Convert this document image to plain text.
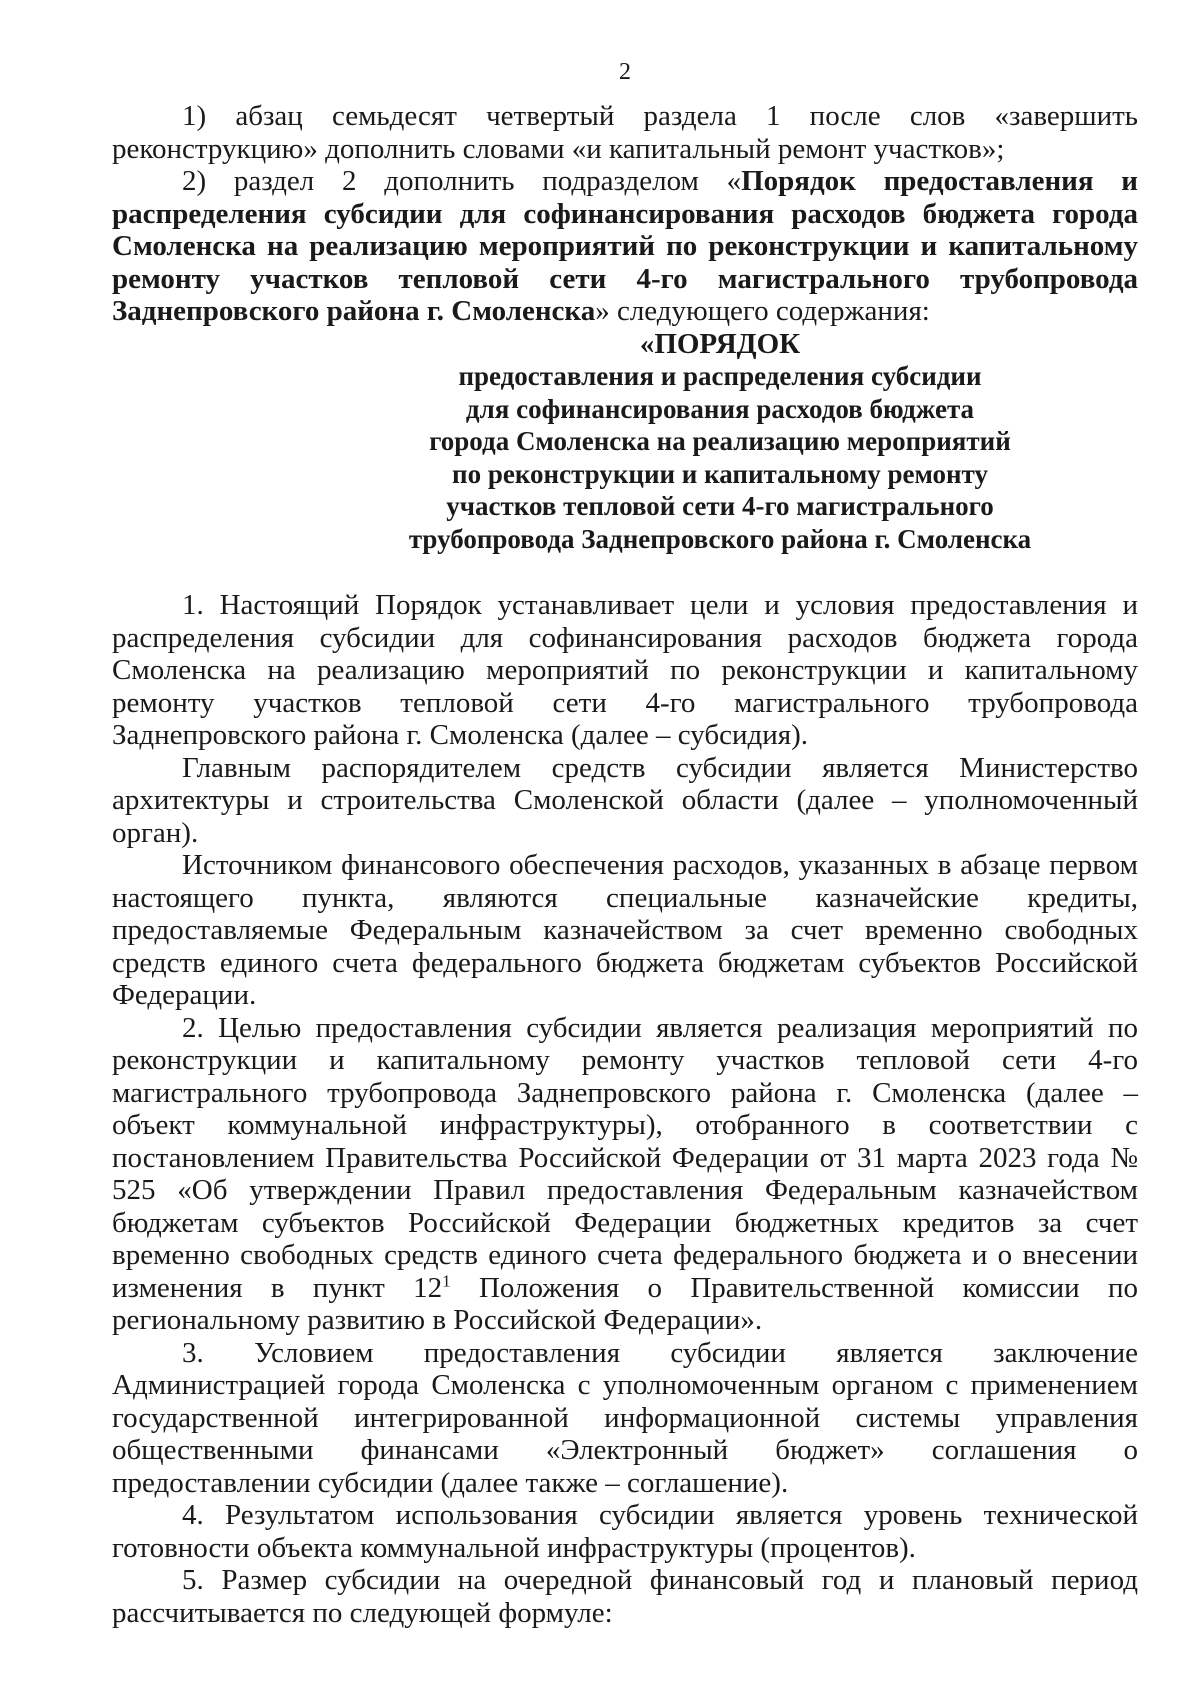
2

1) абзац семьдесят четвертый раздела 1 после слов «завершить реконструкцию» дополнить словами «и капитальный ремонт участков»;

2) раздел 2 дополнить подразделом «Порядок предоставления и распределения субсидии для софинансирования расходов бюджета города Смоленска на реализацию мероприятий по реконструкции и капитальному ремонту участков тепловой сети 4-го магистрального трубопровода Заднепровского района г. Смоленска» следующего содержания:

«ПОРЯДОК
предоставления и распределения субсидии
для софинансирования расходов бюджета
города Смоленска на реализацию мероприятий
по реконструкции и капитальному ремонту
участков тепловой сети 4-го магистрального
трубопровода Заднепровского района г. Смоленска

1. Настоящий Порядок устанавливает цели и условия предоставления и распределения субсидии для софинансирования расходов бюджета города Смоленска на реализацию мероприятий по реконструкции и капитальному ремонту участков тепловой сети 4-го магистрального трубопровода Заднепровского района г. Смоленска (далее – субсидия).

Главным распорядителем средств субсидии является Министерство архитектуры и строительства Смоленской области (далее – уполномоченный орган).

Источником финансового обеспечения расходов, указанных в абзаце первом настоящего пункта, являются специальные казначейские кредиты, предоставляемые Федеральным казначейством за счет временно свободных средств единого счета федерального бюджета бюджетам субъектов Российской Федерации.

2. Целью предоставления субсидии является реализация мероприятий по реконструкции и капитальному ремонту участков тепловой сети 4-го магистрального трубопровода Заднепровского района г. Смоленска (далее – объект коммунальной инфраструктуры), отобранного в соответствии с постановлением Правительства Российской Федерации от 31 марта 2023 года № 525 «Об утверждении Правил предоставления Федеральным казначейством бюджетам субъектов Российской Федерации бюджетных кредитов за счет временно свободных средств единого счета федерального бюджета и о внесении изменения в пункт $12^1$ Положения о Правительственной комиссии по региональному развитию в Российской Федерации».

3. Условием предоставления субсидии является заключение Администрацией города Смоленска с уполномоченным органом с применением государственной интегрированной информационной системы управления общественными финансами «Электронный бюджет» соглашения о предоставлении субсидии (далее также – соглашение).

4. Результатом использования субсидии является уровень технической готовности объекта коммунальной инфраструктуры (процентов).

5. Размер субсидии на очередной финансовый год и плановый период рассчитывается по следующей формуле:
